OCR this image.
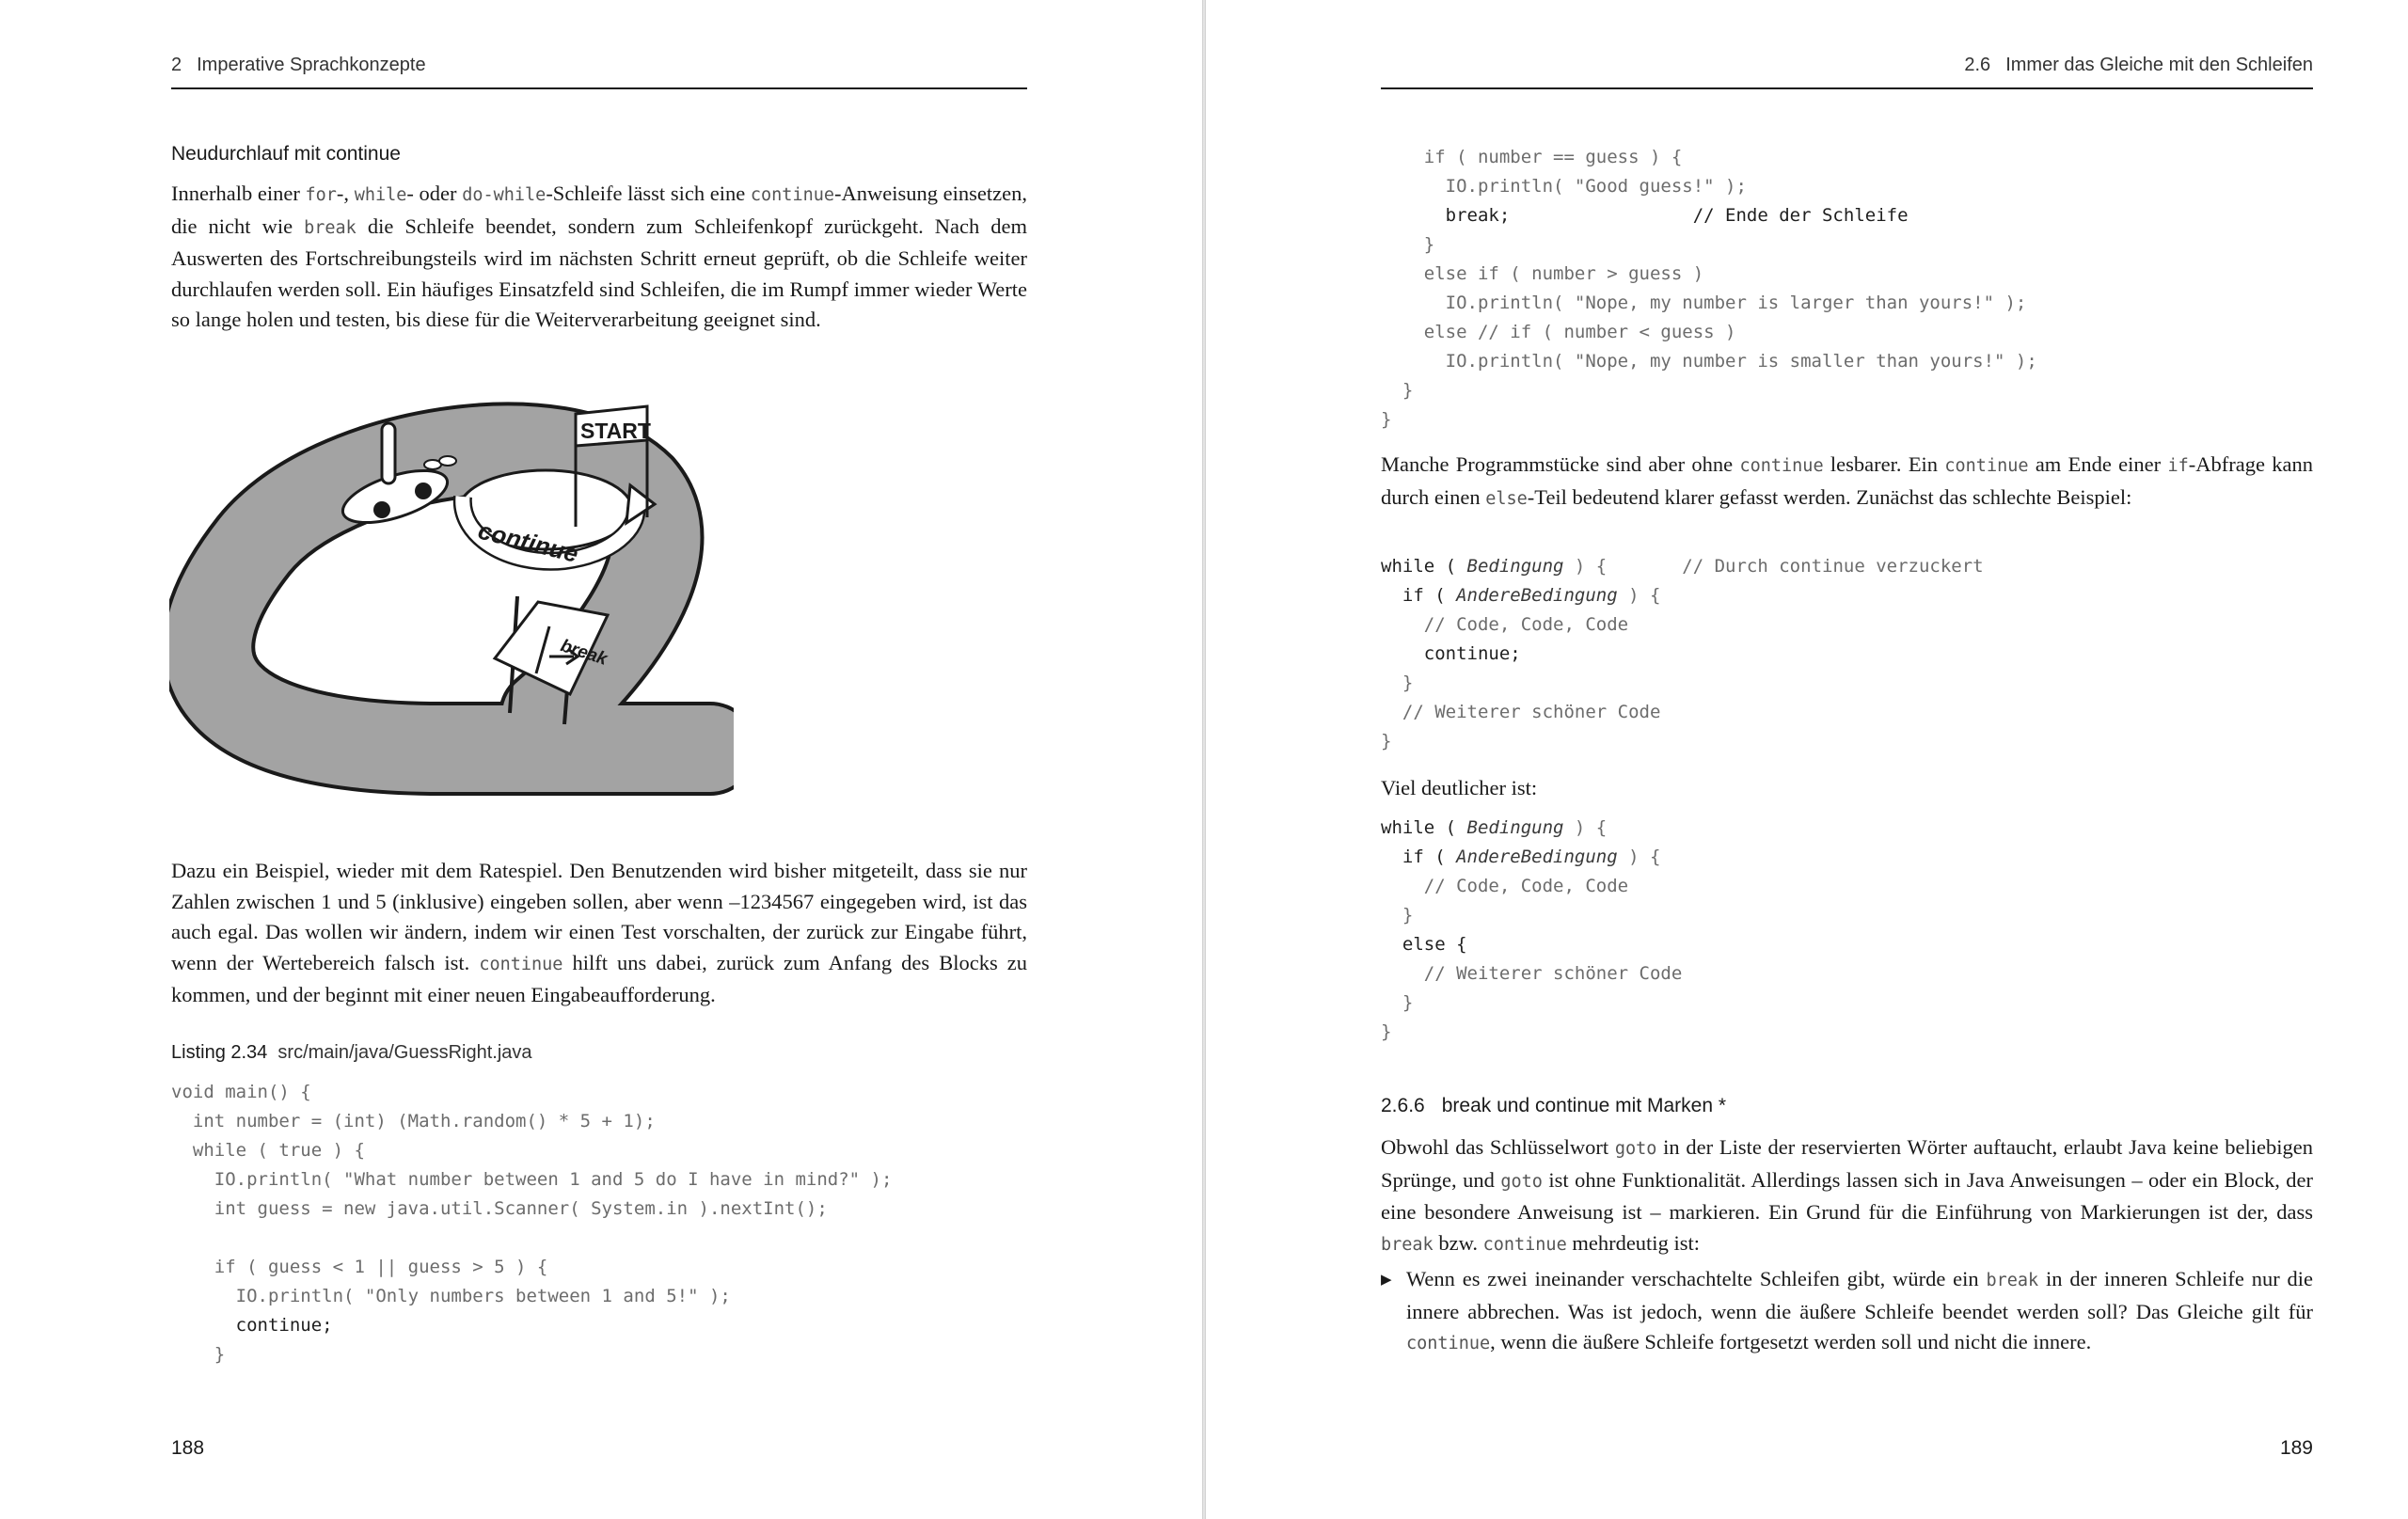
2 Imperative Sprachkonzepte
Neudurchlauf mit continue

Innerhalb einer for-, while- oder do-while-Schleife lässt sich eine continue-Anweisung einsetzen, die nicht wie break die Schleife beendet, sondern zum Schleifenkopf zurückgeht. Nach dem Auswerten des Fortschreibungsteils wird im nächsten Schritt erneut geprüft, ob die Schleife weiter durchlaufen werden soll. Ein häufiges Einsatzfeld sind Schleifen, die im Rumpf immer wieder Werte so lange holen und testen, bis diese für die Weiterverarbeitung geeignet sind.

continue
START
break

Dazu ein Beispiel, wieder mit dem Ratespiel. Den Benutzenden wird bisher mitgeteilt, dass sie nur Zahlen zwischen 1 und 5 (inklusive) eingeben sollen, aber wenn –1234567 eingegeben wird, ist das auch egal. Das wollen wir ändern, indem wir einen Test vorschalten, der zurück zur Eingabe führt, wenn der Wertebereich falsch ist. continue hilft uns dabei, zurück zum Anfang des Blocks zu kommen, und der beginnt mit einer neuen Eingabeaufforderung.

Listing 2.34 src/main/java/GuessRight.java
void main() {
int number = (int) (Math.random() * 5 + 1);
while ( true ) {
IO.println( "What number between 1 and 5 do I have in mind?" );
int guess = new java.util.Scanner( System.in ).nextInt();
if ( guess < 1 || guess > 5 ) {
IO.println( "Only numbers between 1 and 5!" );
continue;
}
188
2.6 Immer das Gleiche mit den Schleifen
if ( number == guess ) {
IO.println( "Good guess!" );
break;                 // Ende der Schleife
}
else if ( number > guess )
IO.println( "Nope, my number is larger than yours!" );
else // if ( number < guess )
IO.println( "Nope, my number is smaller than yours!" );
}
}

Manche Programmstücke sind aber ohne continue lesbarer. Ein continue am Ende einer if-Abfrage kann durch einen else-Teil bedeutend klarer gefasst werden. Zunächst das schlechte Beispiel:

while ( Bedingung ) {       // Durch continue verzuckert
if ( AndereBedingung ) {
// Code, Code, Code
continue;
}
// Weiterer schöner Code
}
Viel deutlicher ist:
while ( Bedingung ) {
if ( AndereBedingung ) {
// Code, Code, Code
}
else {
// Weiterer schöner Code
}
}
2.6.6 break und continue mit Marken *

Obwohl das Schlüsselwort goto in der Liste der reservierten Wörter auftaucht, erlaubt Java keine beliebigen Sprünge, und goto ist ohne Funktionalität. Allerdings lassen sich in Java Anweisungen – oder ein Block, der eine besondere Anweisung ist – markieren. Ein Grund für die Einführung von Markierungen ist der, dass break bzw. continue mehrdeutig ist:

▶ Wenn es zwei ineinander verschachtelte Schleifen gibt, würde ein break in der inneren Schleife nur die innere abbrechen. Was ist jedoch, wenn die äußere Schleife beendet werden soll? Das Gleiche gilt für continue, wenn die äußere Schleife fortgesetzt werden soll und nicht die innere.

189
